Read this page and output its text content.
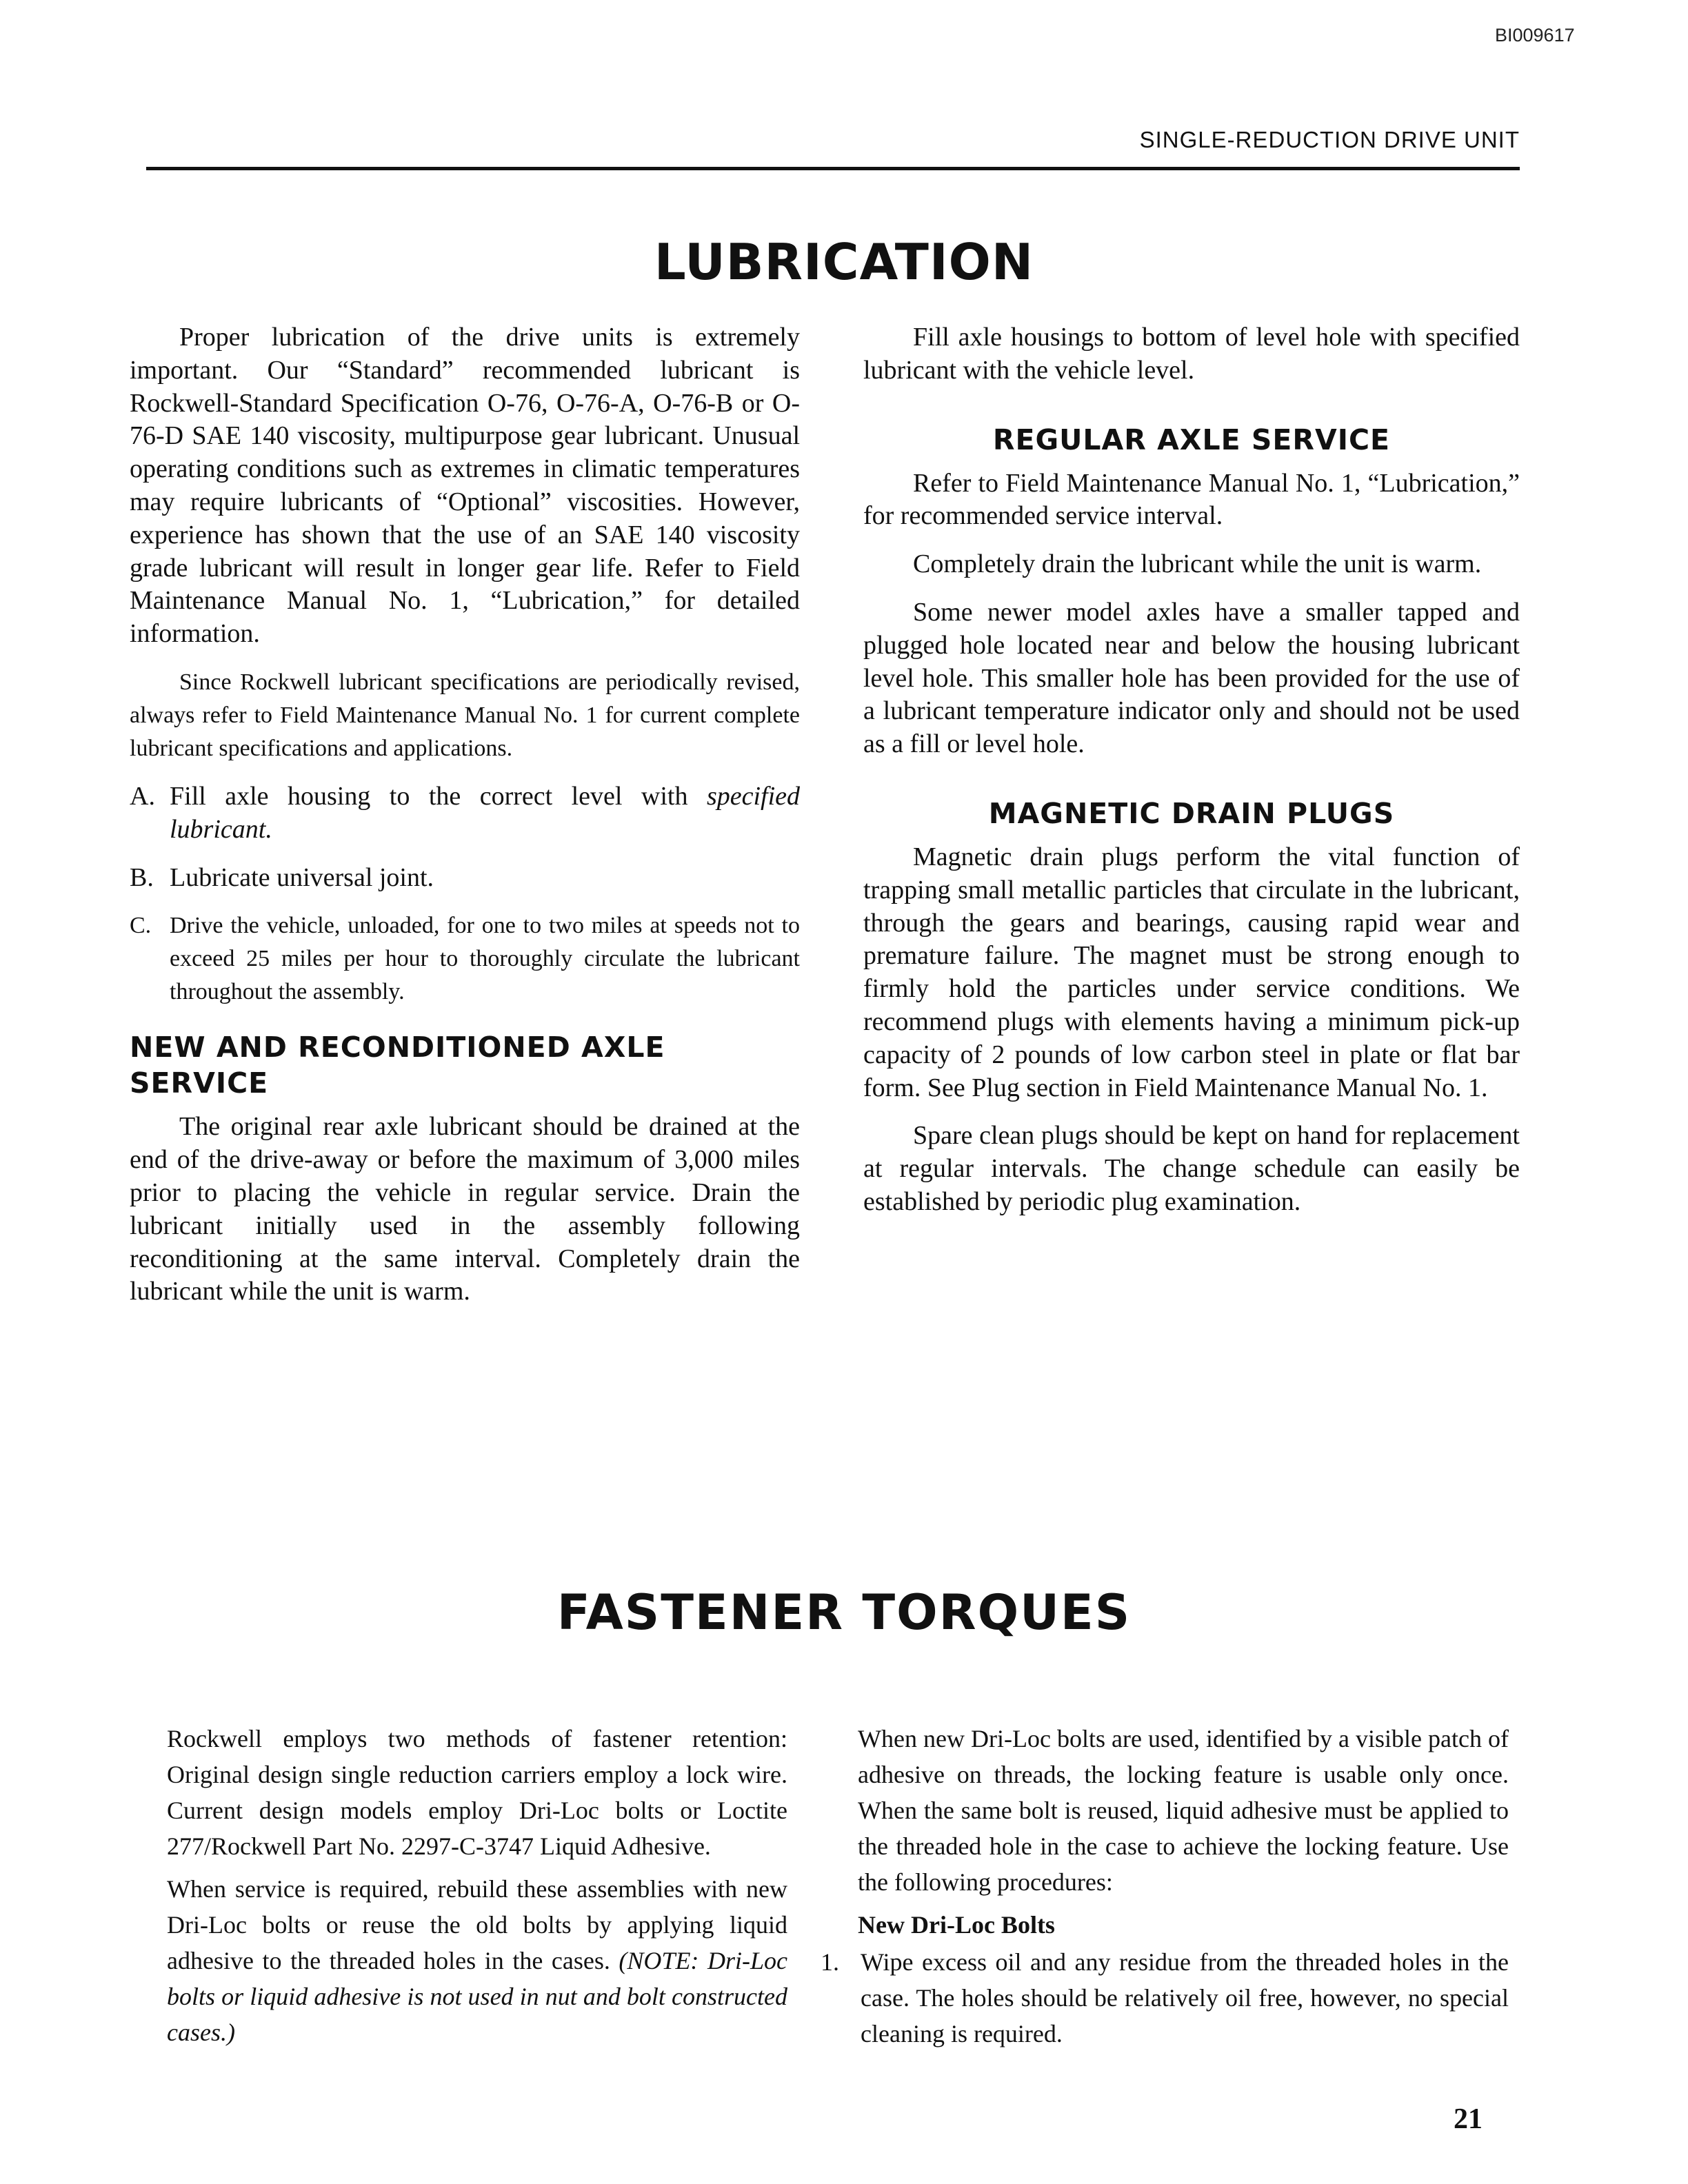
BI009617
SINGLE-REDUCTION DRIVE UNIT
LUBRICATION

Proper lubrication of the drive units is extremely important. Our “Standard” recommended lubricant is Rockwell-Standard Specification O-76, O-76-A, O-76-B or O-76-D SAE 140 viscosity, multipurpose gear lubricant. Unusual operating conditions such as extremes in climatic temperatures may require lubricants of “Optional” viscosities. However, experience has shown that the use of an SAE 140 viscosity grade lubricant will result in longer gear life. Refer to Field Maintenance Manual No. 1, “Lubrication,” for detailed information.

Since Rockwell lubricant specifications are periodically revised, always refer to Field Maintenance Manual No. 1 for current complete lubricant specifications and applications.

A. Fill axle housing to the correct level with specified lubricant.
B. Lubricate universal joint.
C. Drive the vehicle, unloaded, for one to two miles at speeds not to exceed 25 miles per hour to thoroughly circulate the lubricant throughout the assembly.
NEW AND RECONDITIONED AXLE SERVICE

The original rear axle lubricant should be drained at the end of the drive-away or before the maximum of 3,000 miles prior to placing the vehicle in regular service. Drain the lubricant initially used in the assembly following reconditioning at the same interval. Completely drain the lubricant while the unit is warm.

Fill axle housings to bottom of level hole with specified lubricant with the vehicle level.

REGULAR AXLE SERVICE

Refer to Field Maintenance Manual No. 1, “Lubrication,” for recommended service interval.

Completely drain the lubricant while the unit is warm.

Some newer model axles have a smaller tapped and plugged hole located near and below the housing lubricant level hole. This smaller hole has been provided for the use of a lubricant temperature indicator only and should not be used as a fill or level hole.

MAGNETIC DRAIN PLUGS

Magnetic drain plugs perform the vital function of trapping small metallic particles that circulate in the lubricant, through the gears and bearings, causing rapid wear and premature failure. The magnet must be strong enough to firmly hold the particles under service conditions. We recommend plugs with elements having a minimum pick-up capacity of 2 pounds of low carbon steel in plate or flat bar form. See Plug section in Field Maintenance Manual No. 1.

Spare clean plugs should be kept on hand for replacement at regular intervals. The change schedule can easily be established by periodic plug examination.

FASTENER TORQUES

Rockwell employs two methods of fastener retention: Original design single reduction carriers employ a lock wire. Current design models employ Dri-Loc bolts or Loctite 277/Rockwell Part No. 2297-C-3747 Liquid Adhesive.

When service is required, rebuild these assemblies with new Dri-Loc bolts or reuse the old bolts by applying liquid adhesive to the threaded holes in the cases. (NOTE: Dri-Loc bolts or liquid adhesive is not used in nut and bolt constructed cases.)

When new Dri-Loc bolts are used, identified by a visible patch of adhesive on threads, the locking feature is usable only once. When the same bolt is reused, liquid adhesive must be applied to the threaded hole in the case to achieve the locking feature. Use the following procedures:

New Dri-Loc Bolts

1. Wipe excess oil and any residue from the threaded holes in the case. The holes should be relatively oil free, however, no special cleaning is required.
21
